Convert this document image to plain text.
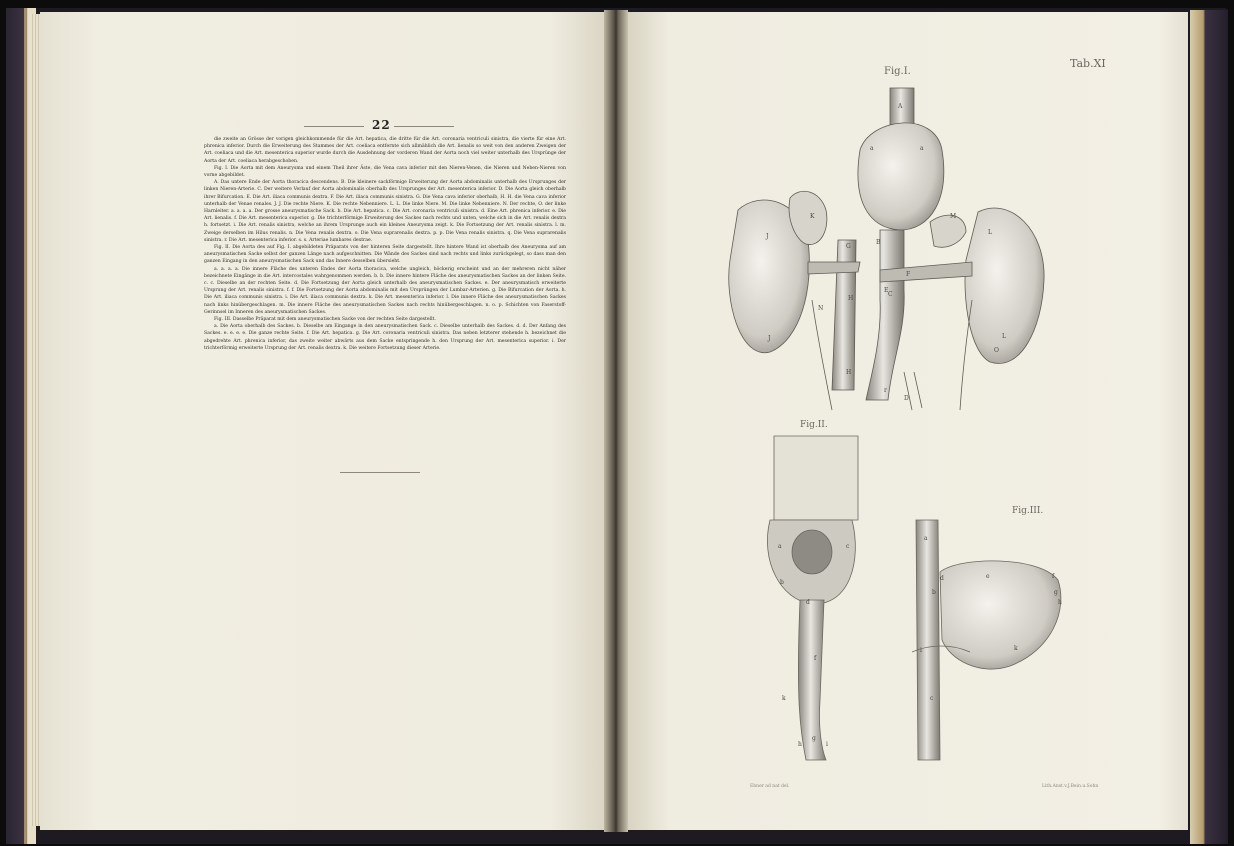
22

die zweite an Grösse der vorigen gleichkommende für die Art. hepatica, die dritte für die Art. coronaria ventriculi sinistra, die vierte für eine Art. phrenica inferior. Durch die Erweiterung des Stammes der Art. coeliaca entfernte sich allmählich die Art. lienalis so weit von den anderen Zweigen der Art. coeliaca und die Art. mesenterica superior wurde durch die Ausdehnung der vorderen Wand der Aorta noch viel weiter unterhalb des Ursprünge der Aorta der Art. coeliaca herabgeschoben.

Fig. I. Die Aorta mit dem Aneurysma und einem Theil ihrer Äste, die Vena cava inferior mit den Nieren-Venen, die Nieren und Neben-Nieren von vorne abgebildet.

A. Das untere Ende der Aorta thoracica descendens. B. Die kleinere sackförmige Erweiterung der Aorta abdominalis unterhalb des Ursprunges der linken Nieren-Arterie. C. Der weitere Verlauf der Aorta abdominalis oberhalb des Ursprunges der Art. mesenterica inferior. D. Die Aorta gleich oberhalb ihrer Bifurcation. E. Die Art. iliaca communis dextra. F. Die Art. iliaca communis sinistra. G. Die Vena cava inferior oberhalb, H. H. die Vena cava inferior unterhalb der Venae renales. J. J. Die rechte Niere. K. Die rechte Nebenniere. L. L. Die linke Niere. M. Die linke Nebenniere. N. Der rechte, O. der linke Harnleiter. a. a. a. a. Der grosse aneurysmatische Sack. b. Die Art. hepatica. c. Die Art. coronaria ventriculi sinistra. d. Eine Art. phrenica inferior. e. Die Art. lienalis. f. Die Art. mesenterica superior. g. Die trichterförmige Erweiterung des Sackes nach rechts und unten, welche sich in die Art. renalis dextra h. fortsetzt. i. Die Art. renalis sinistra, welche an ihrem Ursprunge auch ein kleines Aneurysma zeigt. k. Die Fortsetzung der Art. renalis sinistra. l. m. Zweige derselben im Hilus renalis. n. Die Vena renalis dextra. o. Die Vena suprarenalis dextra. p. p. Die Vena renalis sinistra. q. Die Vena suprarenalis sinistra. r. Die Art. mesenterica inferior. s. s. Arteriae lumbares dextrae.

Fig. II. Die Aorta des auf Fig. I. abgebildeten Präparats von der hinteren Seite dargestellt. Ihre hintere Wand ist oberhalb des Aneurysma auf am aneurysmatischen Sacke selbst der ganzen Länge nach aufgeschnitten. Die Wände des Sackes sind nach rechts und links zurückgelegt, so dass man den ganzen Eingang in den aneurysmatischen Sack und das Innere desselben übersieht.

a. a. a. a. Die innere Fläche des unteren Endes der Aorta thoracica, welche ungleich, höckerig erscheint und an der mehreren nicht näher bezeichnete Eingänge in die Art. intercostales wahrgenommen werden. b. b. Die innere hintere Fläche des aneurysmatischen Sackes an der linken Seite. c. c. Dieselbe an der rechten Seite. d. Die Fortsetzung der Aorta gleich unterhalb des aneurysmatischen Sackes. e. Der aneurysmatisch erweiterte Ursprung der Art. renalis sinistra. f. f. Die Fortsetzung der Aorta abdominalis mit den Ursprüngen der Lumbar-Arterien. g. Die Bifurcation der Aorta. h. Die Art. iliaca communis sinistra. i. Die Art. iliaca communis dextra. k. Die Art. mesenterica inferior. l. Die innere Fläche des aneurysmatischen Sackes nach links hinübergeschlagen. m. Die innere Fläche des aneurysmatischen Sackes nach rechts hinübergeschlagen. n. o. p. Schichten von Faserstoff-Gerinnsel im Inneren des aneurysmatischen Sackes.

Fig. III. Dasselbe Präparat mit dem aneurysmatischen Sacke von der rechten Seite dargestellt.

a. Die Aorta oberhalb des Sackes. b. Dieselbe am Eingange in den aneurysmatischen Sack. c. Dieselbe unterhalb des Sackes. d. d. Der Anfang des Sackes. e. e. e. e. Die ganze rechte Seite. f. Die Art. hepatica. g. Die Art. coronaria ventriculi sinistra. Das neben letzterer stehende h. bezeichnet die abgedrehte Art. phrenica inferior, das zweite weiter abwärts aus dem Sacke entspringende h. den Ursprung der Art. mesenterica superior. i. Der trichterförmig erweiterte Ursprung der Art. renalis dextra. k. Die weitere Fortsetzung dieser Arterie.

Tab.XI
Fig.I.
Fig.II.
Fig.III.
Ebner ad nat del.	Lith.Anst.v.J.Bein.u.Sohn
A
a	a
K
G
B
M
J
H
E
F
L
N
C
J
O
L
H
D
r
a
b
c
d
f
g
h	i
k
a
b
c
d	e	f
g
h
i	k
